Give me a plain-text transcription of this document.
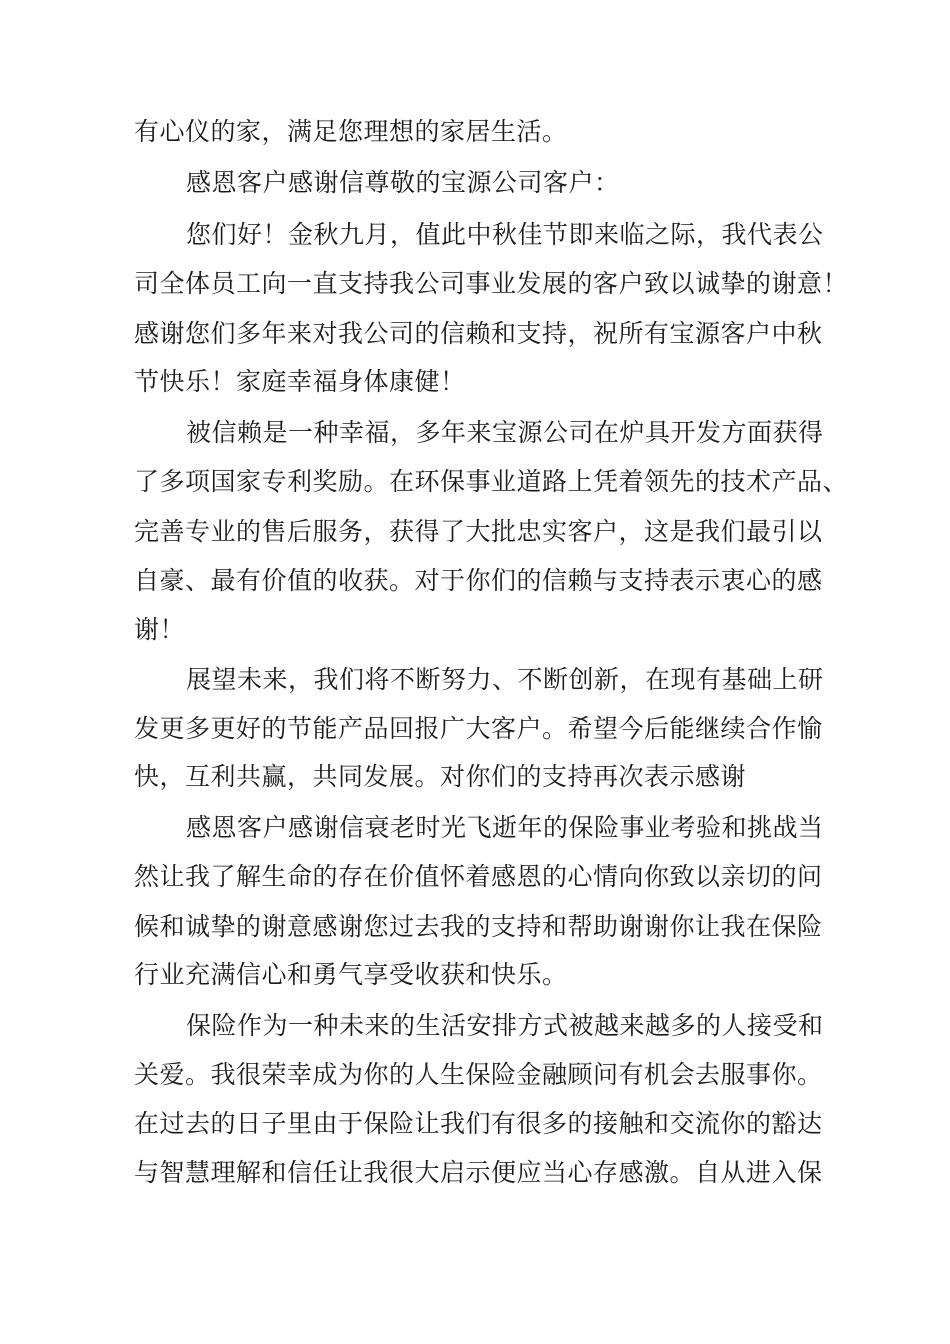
有心仪的家，满足您理想的家居生活。
感恩客户感谢信尊敬的宝源公司客户：
您们好！金秋九月，值此中秋佳节即来临之际，我代表公
司全体员工向一直支持我公司事业发展的客户致以诚挚的谢意！
感谢您们多年来对我公司的信赖和支持，祝所有宝源客户中秋
节快乐！家庭幸福身体康健！
被信赖是一种幸福，多年来宝源公司在炉具开发方面获得
了多项国家专利奖励。在环保事业道路上凭着领先的技术产品、
完善专业的售后服务，获得了大批忠实客户，这是我们最引以
自豪、最有价值的收获。对于你们的信赖与支持表示衷心的感
谢！
展望未来，我们将不断努力、不断创新，在现有基础上研
发更多更好的节能产品回报广大客户。希望今后能继续合作愉
快，互利共赢，共同发展。对你们的支持再次表示感谢
感恩客户感谢信衰老时光飞逝年的保险事业考验和挑战当
然让我了解生命的存在价值怀着感恩的心情向你致以亲切的问
候和诚挚的谢意感谢您过去我的支持和帮助谢谢你让我在保险
行业充满信心和勇气享受收获和快乐。
保险作为一种未来的生活安排方式被越来越多的人接受和
关爱。我很荣幸成为你的人生保险金融顾问有机会去服事你。
在过去的日子里由于保险让我们有很多的接触和交流你的豁达
与智慧理解和信任让我很大启示便应当心存感激。自从进入保
